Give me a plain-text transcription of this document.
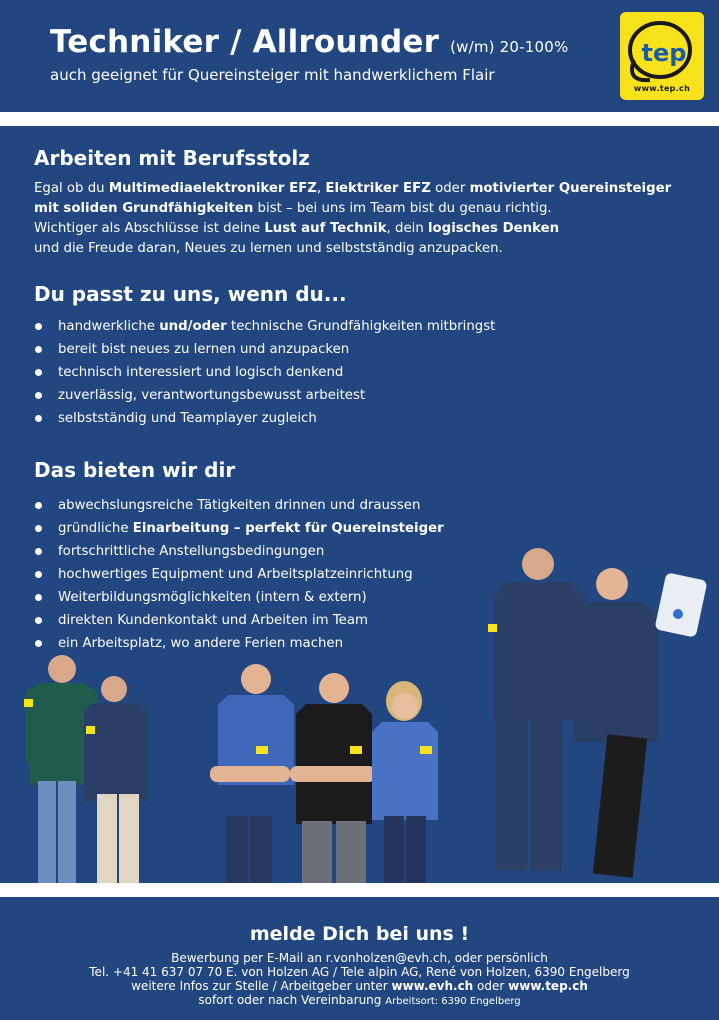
Techniker / Allrounder (w/m) 20-100%
auch geeignet für Quereinsteiger mit handwerklichem Flair
tep
www.tep.ch
Arbeiten mit Berufsstolz

Egal ob du Multimediaelektroniker EFZ, Elektriker EFZ oder motivierter Quereinsteiger

mit soliden Grundfähigkeiten bist – bei uns im Team bist du genau richtig.

Wichtiger als Abschlüsse ist deine Lust auf Technik, dein logisches Denken

und die Freude daran, Neues zu lernen und selbstständig anzupacken.

Du passt zu uns, wenn du...
handwerkliche und/oder technische Grundfähigkeiten mitbringst
bereit bist neues zu lernen und anzupacken
technisch interessiert und logisch denkend
zuverlässig, verantwortungsbewusst arbeitest
selbstständig und Teamplayer zugleich
Das bieten wir dir
abwechslungsreiche Tätigkeiten drinnen und draussen
gründliche Einarbeitung – perfekt für Quereinsteiger
fortschrittliche Anstellungsbedingungen
hochwertiges Equipment und Arbeitsplatzeinrichtung
Weiterbildungsmöglichkeiten (intern & extern)
direkten Kundenkontakt und Arbeiten im Team
ein Arbeitsplatz, wo andere Ferien machen
melde Dich bei uns !
Bewerbung per E-Mail an r.vonholzen@evh.ch, oder persönlich
Tel. +41 41 637 07 70 E. von Holzen AG / Tele alpin AG, René von Holzen, 6390 Engelberg
weitere Infos zur Stelle / Arbeitgeber unter www.evh.ch oder www.tep.ch
sofort oder nach Vereinbarung Arbeitsort: 6390 Engelberg
